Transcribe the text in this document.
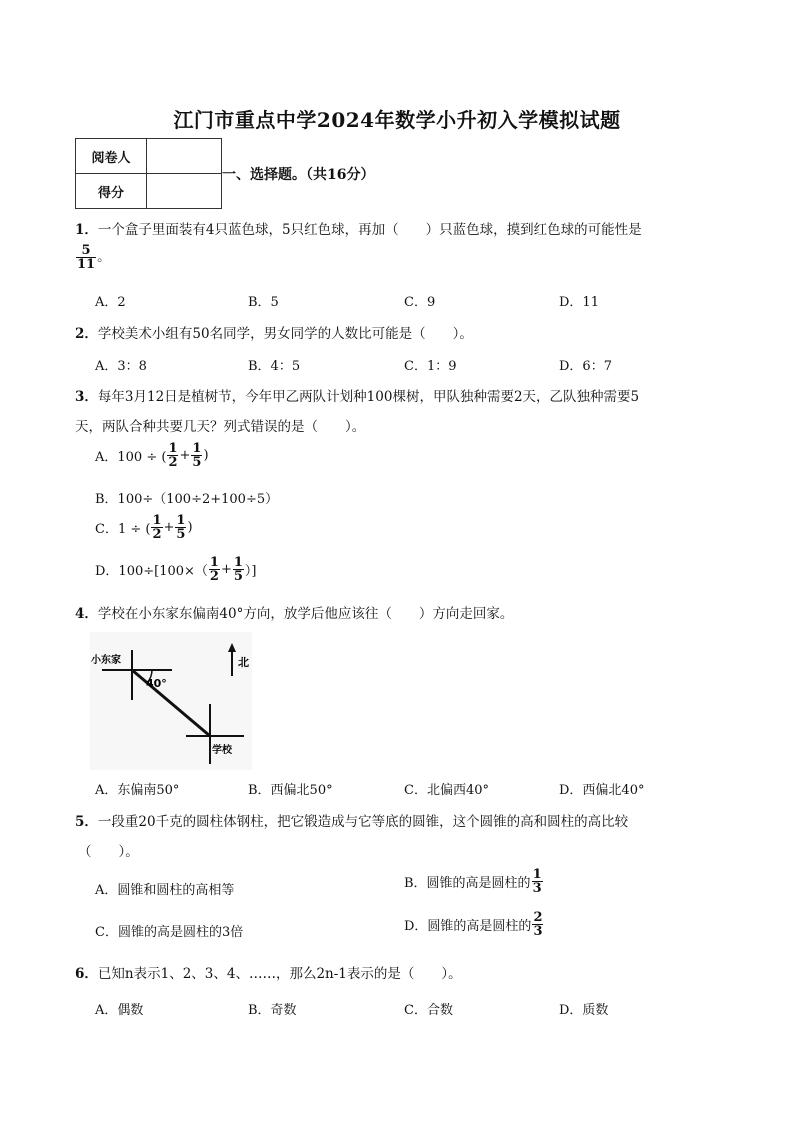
江门市重点中学2024年数学小升初入学模拟试题
阅卷人	
得分	
一、选择题。（共16分）
1．一个盒子里面装有4只蓝色球，5只红色球，再加（　　）只蓝色球，摸到红色球的可能性是
$\frac{5}{11}$ 。
A．2	B．5	C．9	D．11
2．学校美术小组有50名同学，男女同学的人数比可能是（　　）。
A．3：8	B．4：5	C．1：9	D．6：7
3．每年3月12日是植树节，今年甲乙两队计划种100棵树，甲队独种需要2天，乙队独种需要5
天，两队合种共要几天？列式错误的是（　　）。
A．100 ÷ ( $\frac{1}{2} + \frac{1}{5}$ )
B．100÷（100÷2+100÷5）
C．1 ÷ ( $\frac{1}{2} + \frac{1}{5}$ )
D．$100\div[100\times( \frac{1}{2} + \frac{1}{5}$ ）]
4．学校在小东家东偏南40°方向，放学后他应该往（　　）方向走回家。
北
小东家
40°
学校
A．东偏南50°	B．西偏北50°	C．北偏西40°	D．西偏北40°
5．一段重20千克的圆柱体钢柱，把它锻造成与它等底的圆锥，这个圆锥的高和圆柱的高比较
（　　）。
A．圆锥和圆柱的高相等	B．圆锥的高是圆柱的 $\frac{1}{3}$
C．圆锥的高是圆柱的3倍	D．圆锥的高是圆柱的 $\frac{2}{3}$
6．已知n表示1、2、3、4、……，那么2n-1表示的是（　　）。
A．偶数	B．奇数	C．合数	D．质数
